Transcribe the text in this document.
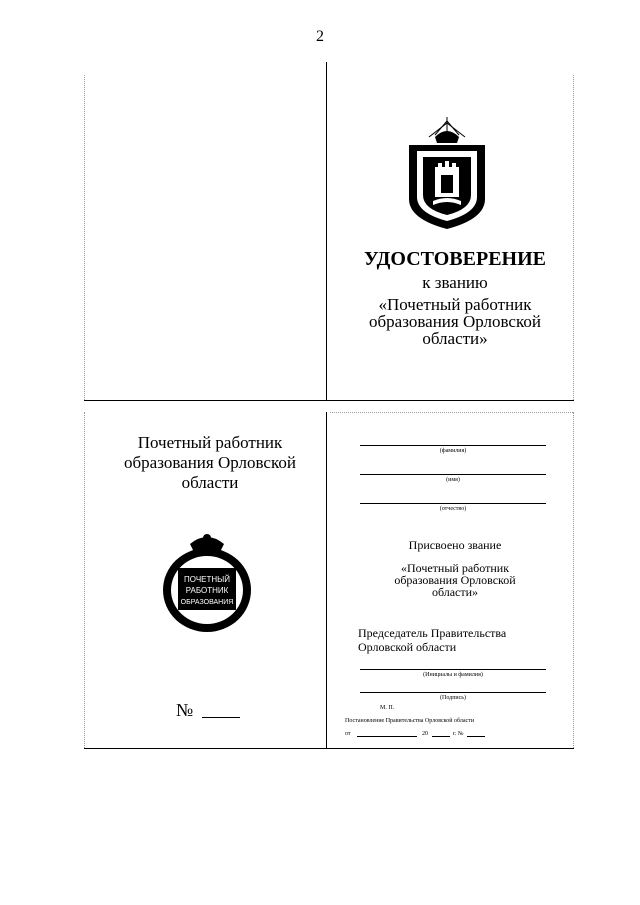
2
УДОСТОВЕРЕНИЕ
к званию
«Почетный работник
образования Орловской
области»
Почетный работник
образования Орловской
области
ПОЧЕТНЫЙ
РАБОТНИК
ОБРАЗОВАНИЯ
№
(фамилия)
(имя)
(отчество)
Присвоено звание
«Почетный работник
образования Орловской
области»
Председатель Правительства
Орловской области
(Инициалы и фамилия)
(Подпись)
М. П.
Постановление Правительства Орловской области
от	20	г. №
